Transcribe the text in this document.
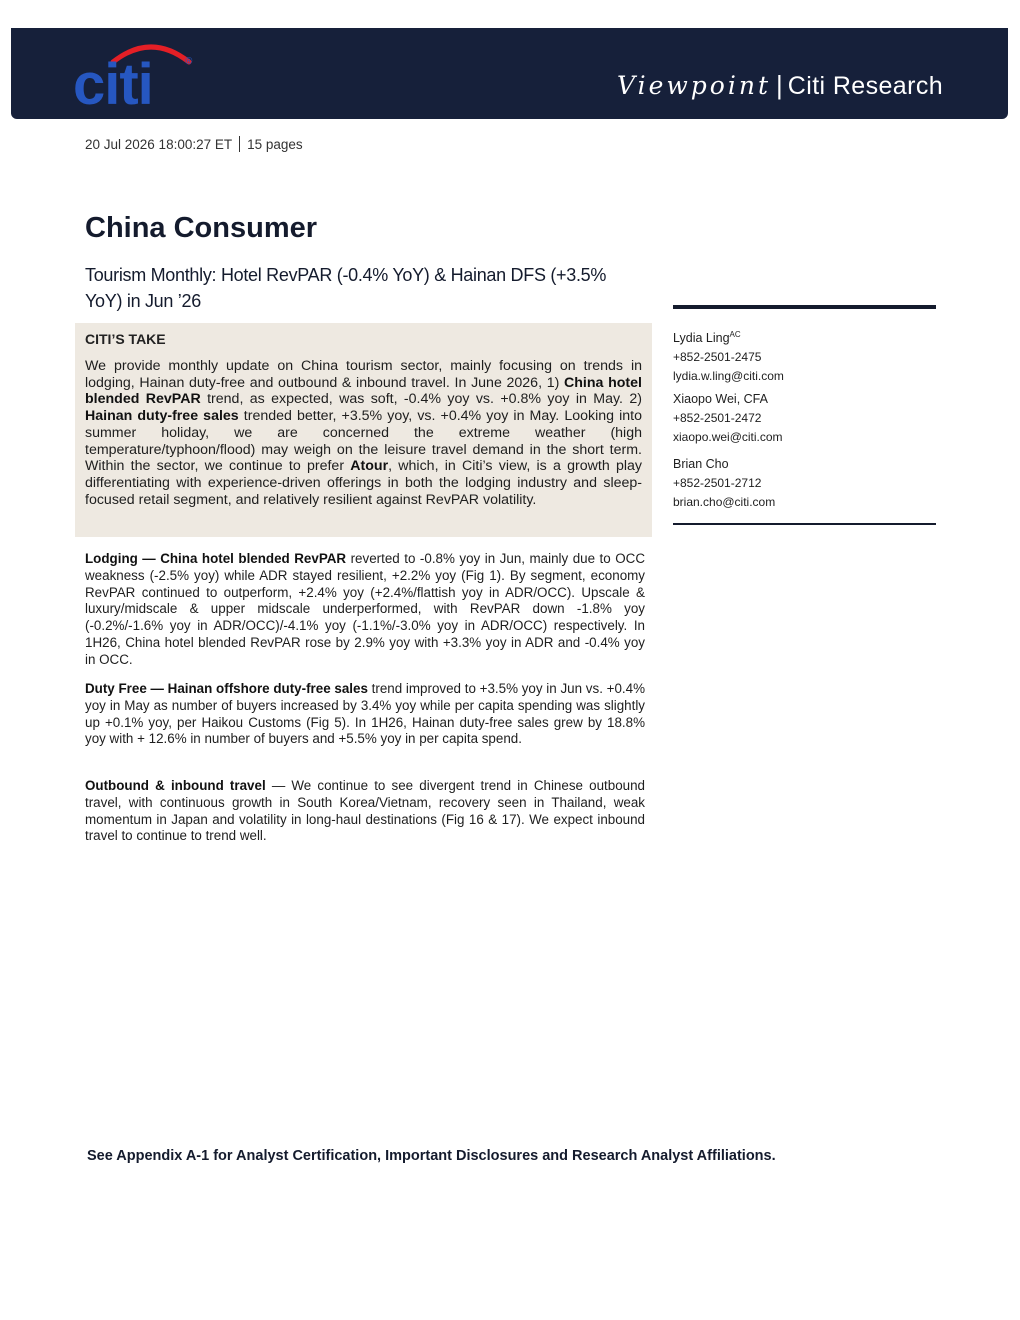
citi	®
Viewpoint | Citi Research
20 Jul 2026 18:00:27 ET 15 pages
China Consumer
Tourism Monthly: Hotel RevPAR (-0.4% YoY) & Hainan DFS (+3.5% YoY) in Jun ’26
CITI’S TAKE
We provide monthly update on China tourism sector, mainly focusing on trends in lodging, Hainan duty-free and outbound & inbound travel. In June 2026, 1) China hotel blended RevPAR trend, as expected, was soft, -0.4% yoy vs. +0.8% yoy in May. 2) Hainan duty-free sales trended better, +3.5% yoy, vs. +0.4% yoy in May. Looking into summer holiday, we are concerned the extreme weather (high temperature/typhoon/flood) may weigh on the leisure travel demand in the short term. Within the sector, we continue to prefer Atour, which, in Citi’s view, is a growth play differentiating with experience-driven offerings in both the lodging industry and sleep-focused retail segment, and relatively resilient against RevPAR volatility.

Lodging — China hotel blended RevPAR reverted to -0.8% yoy in Jun, mainly due to OCC weakness (-2.5% yoy) while ADR stayed resilient, +2.2% yoy (Fig 1). By segment, economy RevPAR continued to outperform, +2.4% yoy (+2.4%/flattish yoy in ADR/OCC). Upscale & luxury/midscale & upper midscale underperformed, with RevPAR down -1.8% yoy (-0.2%/-1.6% yoy in ADR/OCC)/-4.1% yoy (-1.1%/-3.0% yoy in ADR/OCC) respectively. In 1H26, China hotel blended RevPAR rose by 2.9% yoy with +3.3% yoy in ADR and -0.4% yoy in OCC.

Duty Free — Hainan offshore duty-free sales trend improved to +3.5% yoy in Jun vs. +0.4% yoy in May as number of buyers increased by 3.4% yoy while per capita spending was slightly up +0.1% yoy, per Haikou Customs (Fig 5). In 1H26, Hainan duty-free sales grew by 18.8% yoy with + 12.6% in number of buyers and +5.5% yoy in per capita spend.

Outbound & inbound travel — We continue to see divergent trend in Chinese outbound travel, with continuous growth in South Korea/Vietnam, recovery seen in Thailand, weak momentum in Japan and volatility in long-haul destinations (Fig 16 & 17). We expect inbound travel to continue to trend well.

Lydia Ling$^{AC}$
+852-2501-2475
lydia.w.ling@citi.com
Xiaopo Wei, CFA
+852-2501-2472
xiaopo.wei@citi.com
Brian Cho
+852-2501-2712
brian.cho@citi.com

See Appendix A-1 for Analyst Certification, Important Disclosures and Research Analyst Affiliations.
